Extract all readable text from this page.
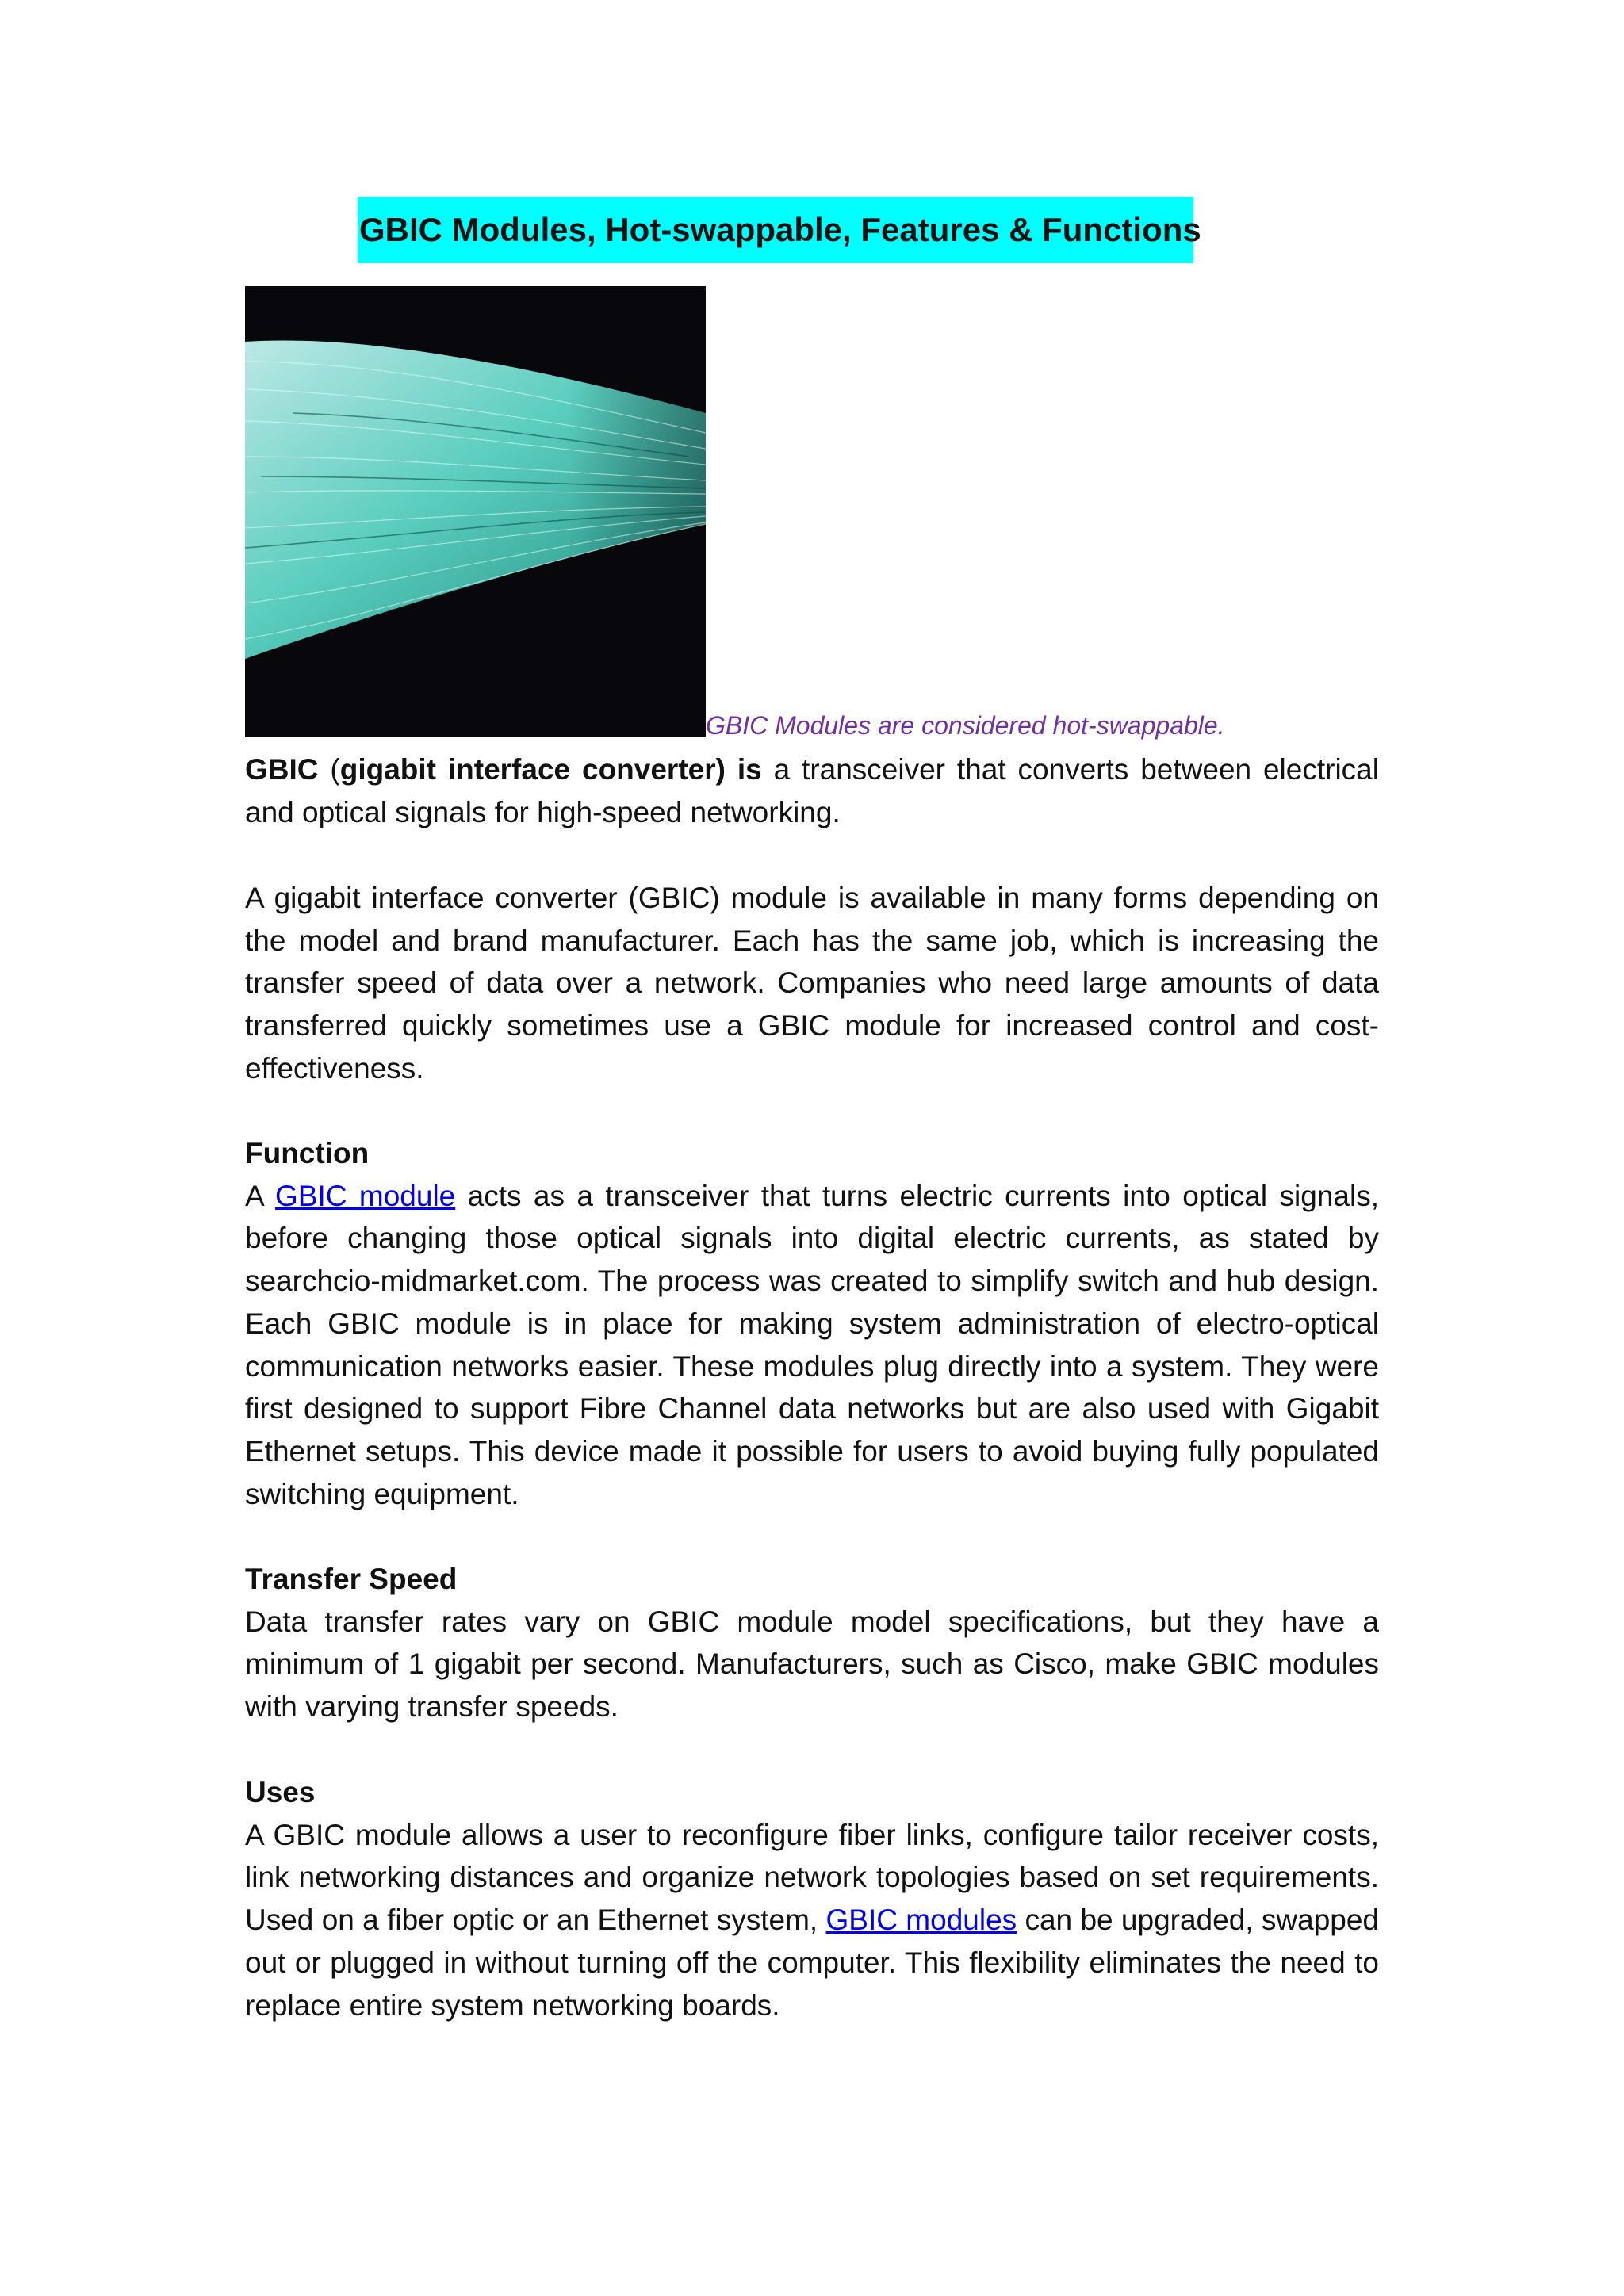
GBIC Modules, Hot-swappable, Features & Functions
GBIC Modules are considered hot-swappable.

GBIC (gigabit interface converter) is a transceiver that converts between electrical and optical signals for high-speed networking.

A gigabit interface converter (GBIC) module is available in many forms depending on the model and brand manufacturer. Each has the same job, which is increasing the transfer speed of data over a network. Companies who need large amounts of data transferred quickly sometimes use a GBIC module for increased control and cost-effectiveness.

Function

A GBIC module acts as a transceiver that turns electric currents into optical signals, before changing those optical signals into digital electric currents, as stated by searchcio-midmarket.com. The process was created to simplify switch and hub design. Each GBIC module is in place for making system administration of electro-optical communication networks easier. These modules plug directly into a system. They were first designed to support Fibre Channel data networks but are also used with Gigabit Ethernet setups. This device made it possible for users to avoid buying fully populated switching equipment.

Transfer Speed

Data transfer rates vary on GBIC module model specifications, but they have a minimum of 1 gigabit per second. Manufacturers, such as Cisco, make GBIC modules with varying transfer speeds.

Uses

A GBIC module allows a user to reconfigure fiber links, configure tailor receiver costs, link networking distances and organize network topologies based on set requirements. Used on a fiber optic or an Ethernet system, GBIC modules can be upgraded, swapped out or plugged in without turning off the computer. This flexibility eliminates the need to replace entire system networking boards.
